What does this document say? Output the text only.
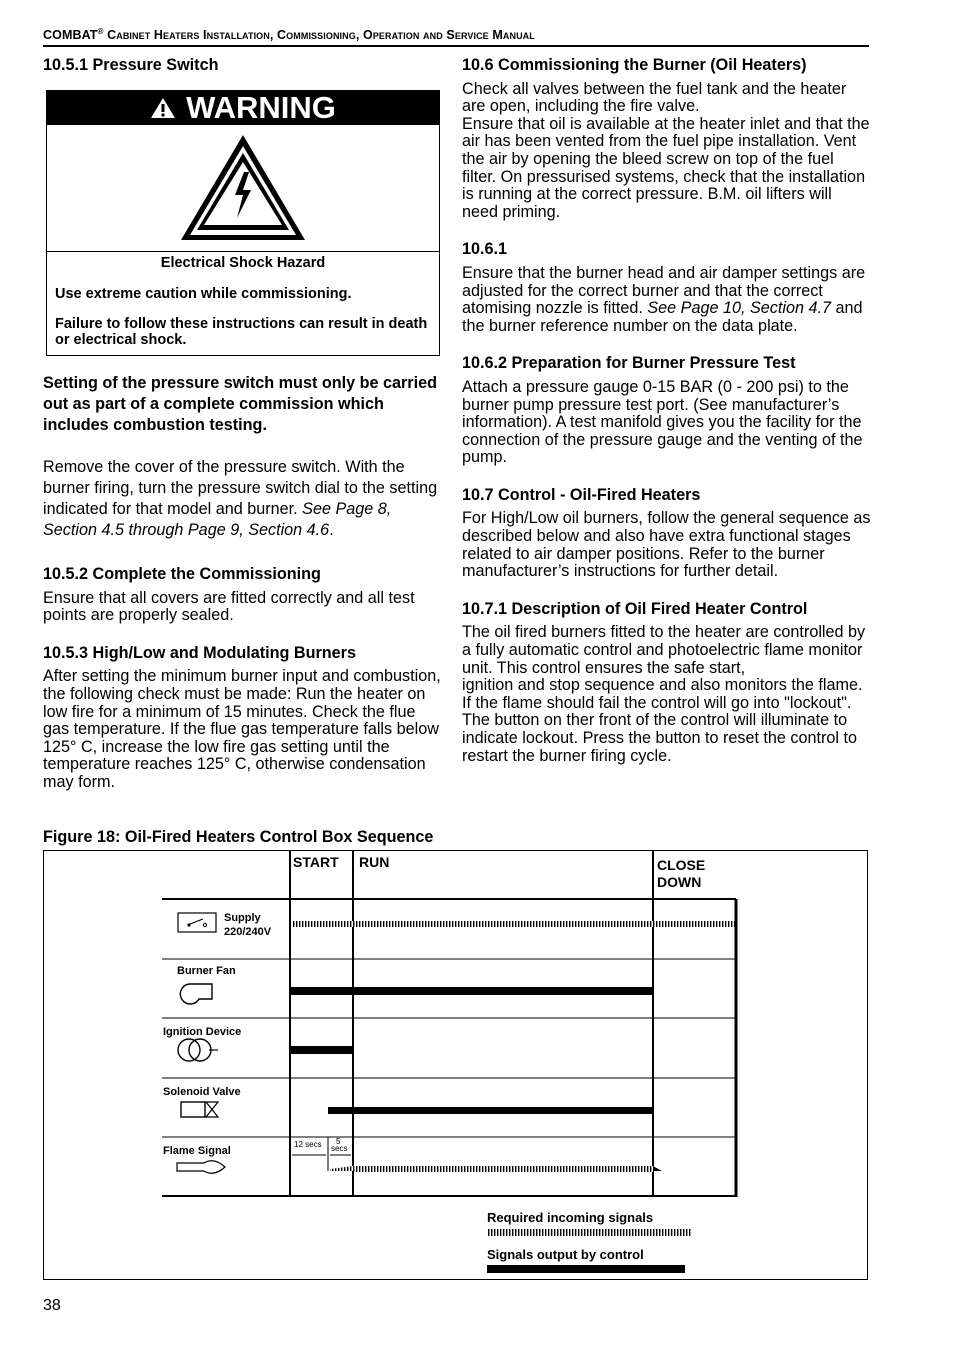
COMBAT® Cabinet Heaters Installation, Commissioning, Operation and Service Manual

10.5.1 Pressure Switch

WARNING

Electrical Shock Hazard

Use extreme caution while commissioning.

Failure to follow these instructions can result in death or electrical shock.

Setting of the pressure switch must only be carried out as part of a complete commission which includes combustion testing.

Remove the cover of the pressure switch. With the burner firing, turn the pressure switch dial to the setting indicated for that model and burner. See Page 8, Section 4.5 through Page 9, Section 4.6.

10.5.2 Complete the Commissioning

Ensure that all covers are fitted correctly and all test points are properly sealed.

10.5.3 High/Low and Modulating Burners

After setting the minimum burner input and combustion, the following check must be made: Run the heater on low fire for a minimum of 15 minutes. Check the flue gas temperature. If the flue gas temperature falls below 125° C, increase the low fire gas setting until the temperature reaches 125° C, otherwise condensation may form.

10.6 Commissioning the Burner (Oil Heaters)

Check all valves between the fuel tank and the heater are open, including the fire valve.

Ensure that oil is available at the heater inlet and that the air has been vented from the fuel pipe installation. Vent the air by opening the bleed screw on top of the fuel filter. On pressurised systems, check that the installation is running at the correct pressure. B.M. oil lifters will need priming.

10.6.1

Ensure that the burner head and air damper settings are adjusted for the correct burner and that the correct atomising nozzle is fitted. See Page 10, Section 4.7 and the burner reference number on the data plate.

10.6.2 Preparation for Burner Pressure Test

Attach a pressure gauge 0-15 BAR (0 - 200 psi) to the burner pump pressure test port. (See manufacturer’s information). A test manifold gives you the facility for the connection of the pressure gauge and the venting of the pump.

10.7 Control - Oil-Fired Heaters

For High/Low oil burners, follow the general sequence as described below and also have extra functional stages related to air damper positions. Refer to the burner manufacturer’s instructions for further detail.

10.7.1 Description of Oil Fired Heater Control

The oil fired burners fitted to the heater are controlled by a fully automatic control and photoelectric flame monitor unit. This control ensures the safe start,

ignition and stop sequence and also monitors the flame. If the flame should fail the control will go into "lockout". The button on ther front of the control will illuminate to indicate lockout. Press the button to reset the control to restart the burner firing cycle.

Figure 18: Oil-Fired Heaters Control Box Sequence
START RUN	CLOSE
DOWN
Supply
220/240V
Burner Fan
Ignition Device
Solenoid Valve
Flame Signal
12 secs 5
secs
Required incoming signals
Signals output by control
38
